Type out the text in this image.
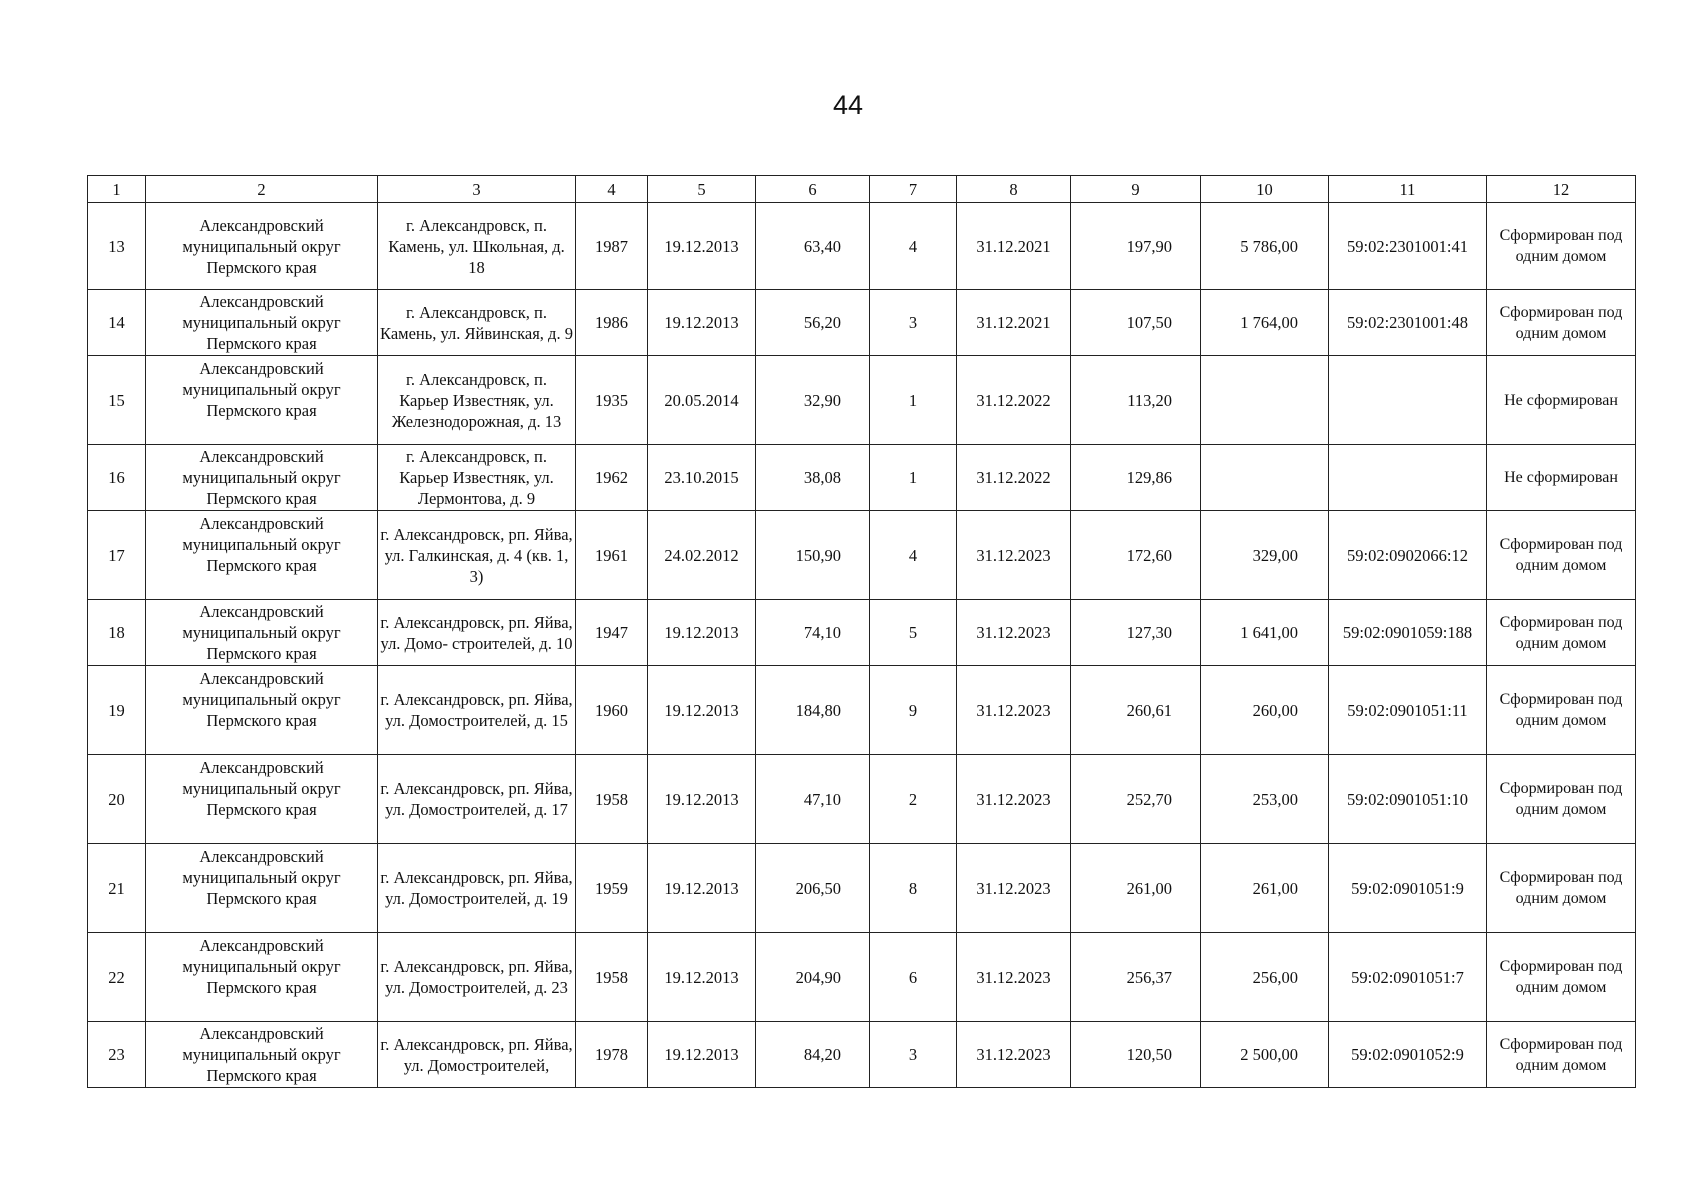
44
1	2	3	4	5	6	7	8	9	10	11	12
13	Александровский муниципальный округ Пермского края	г. Александровск, п. Камень, ул. Школьная, д. 18	1987	19.12.2013	63,40	4	31.12.2021	197,90	5 786,00	59:02:2301001:41	Сформирован под одним домом
14	Александровский муниципальный округ Пермского края	г. Александровск, п. Камень, ул. Яйвинская, д. 9	1986	19.12.2013	56,20	3	31.12.2021	107,50	1 764,00	59:02:2301001:48	Сформирован под одним домом
15	Александровский муниципальный округ Пермского края	г. Александровск, п. Карьер Известняк, ул. Железнодорожная, д. 13	1935	20.05.2014	32,90	1	31.12.2022	113,20			Не сформирован
16	Александровский муниципальный округ Пермского края	г. Александровск, п. Карьер Известняк, ул. Лермонтова, д. 9	1962	23.10.2015	38,08	1	31.12.2022	129,86			Не сформирован
17	Александровский муниципальный округ Пермского края	г. Александровск, рп. Яйва, ул. Галкинская, д. 4 (кв. 1, 3)	1961	24.02.2012	150,90	4	31.12.2023	172,60	329,00	59:02:0902066:12	Сформирован под одним домом
18	Александровский муниципальный округ Пермского края	г. Александровск, рп. Яйва, ул. Домо- строителей, д. 10	1947	19.12.2013	74,10	5	31.12.2023	127,30	1 641,00	59:02:0901059:188	Сформирован под одним домом
19	Александровский муниципальный округ Пермского края	г. Александровск, рп. Яйва, ул. Домостроителей, д. 15	1960	19.12.2013	184,80	9	31.12.2023	260,61	260,00	59:02:0901051:11	Сформирован под одним домом
20	Александровский муниципальный округ Пермского края	г. Александровск, рп. Яйва, ул. Домостроителей, д. 17	1958	19.12.2013	47,10	2	31.12.2023	252,70	253,00	59:02:0901051:10	Сформирован под одним домом
21	Александровский муниципальный округ Пермского края	г. Александровск, рп. Яйва, ул. Домостроителей, д. 19	1959	19.12.2013	206,50	8	31.12.2023	261,00	261,00	59:02:0901051:9	Сформирован под одним домом
22	Александровский муниципальный округ Пермского края	г. Александровск, рп. Яйва, ул. Домостроителей, д. 23	1958	19.12.2013	204,90	6	31.12.2023	256,37	256,00	59:02:0901051:7	Сформирован под одним домом
23	Александровский муниципальный округ Пермского края	г. Александровск, рп. Яйва, ул. Домостроителей,	1978	19.12.2013	84,20	3	31.12.2023	120,50	2 500,00	59:02:0901052:9	Сформирован под одним домом
